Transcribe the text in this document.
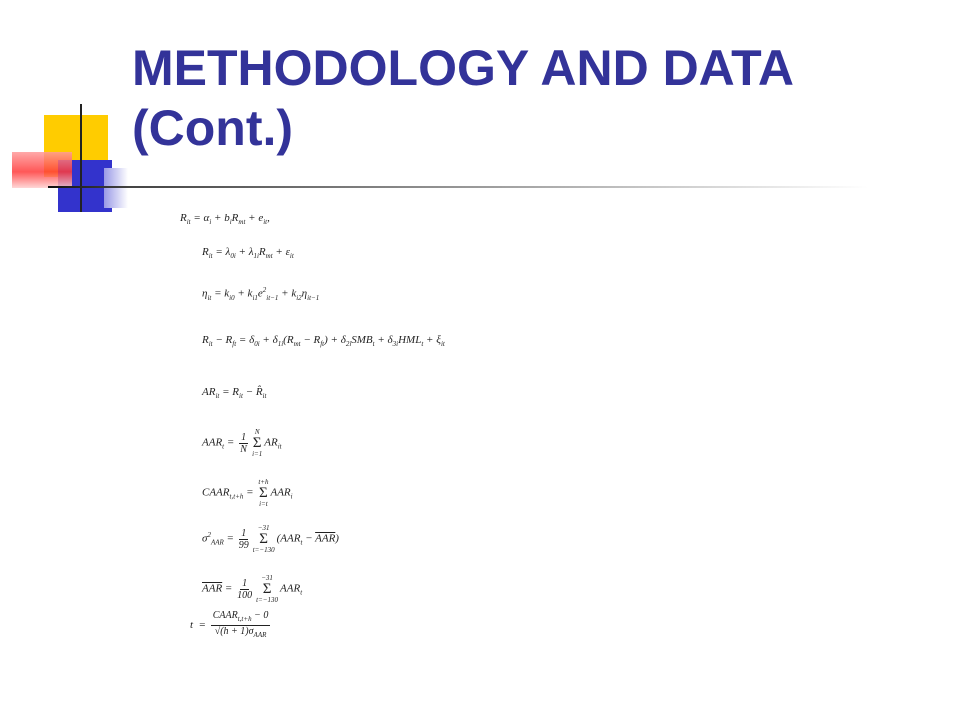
METHODOLOGY AND DATA (Cont.)
$R_{it} = \alpha_i + b_iR_{mt} + e_{it}$,
$R_{it} = \lambda_{0i} + \lambda_{1i}R_{mt} + \varepsilon_{it}$
$\eta_{it} = k_{i0} + k_{i1}e^2_{it-1} + k_{i2}\eta_{it-1}$
$R_{it} - R_{ft} = \delta_{0i} + \delta_{1i}(R_{mt} - R_{ft}) + \delta_{2i}SMB_t + \delta_{3i}HML_t + \xi_{it}$
$AR_{it} = R_{it}$ − $R̂_{it}$
$AAR_t = \frac{1}{N}$ N
Σ
i=1
$AR_{it}$
$CAAR_{t,t+h}$ =
t+h
Σ
i=t
$AAR_i$
$\sigma^2_{AAR} = \frac{1}{99} -31$
Σ
t=−130
$(AAR_t - \overline{AAR})$
$\overline{AAR} = \frac{1}{100} -31$
Σ
t=−130
$AAR_t$
$t = \frac{CAAR_{t,t+h} - 0}{√(h + 1)\sigma_{AAR}}$
